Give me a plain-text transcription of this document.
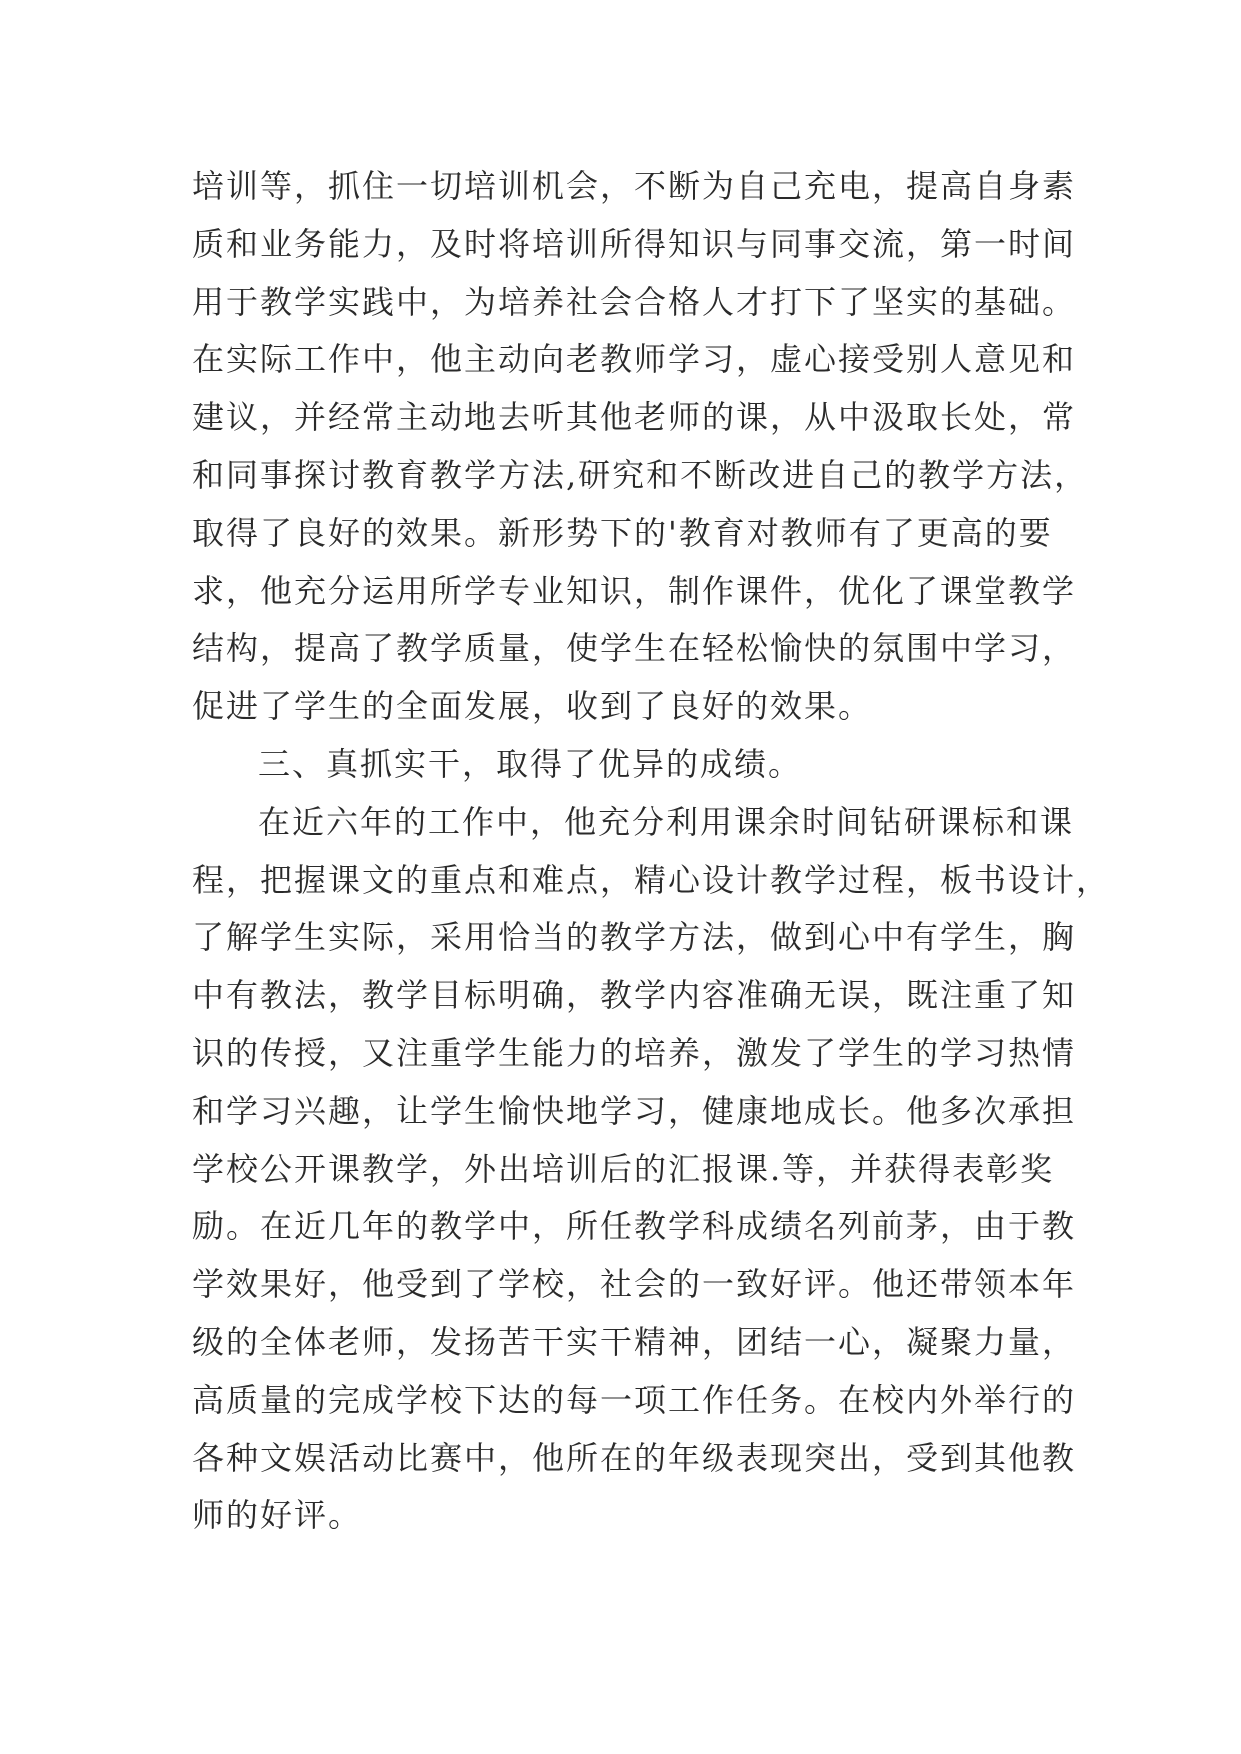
培训等，抓住一切培训机会，不断为自己充电，提高自身素
质和业务能力，及时将培训所得知识与同事交流，第一时间
用于教学实践中，为培养社会合格人才打下了坚实的基础。
在实际工作中，他主动向老教师学习，虚心接受别人意见和
建议，并经常主动地去听其他老师的课，从中汲取长处，常
和同事探讨教育教学方法,研究和不断改进自己的教学方法，
取得了良好的效果。新形势下的'教育对教师有了更高的要
求，他充分运用所学专业知识，制作课件，优化了课堂教学
结构，提高了教学质量，使学生在轻松愉快的氛围中学习，
促进了学生的全面发展，收到了良好的效果。
三、真抓实干，取得了优异的成绩。
在近六年的工作中，他充分利用课余时间钻研课标和课
程，把握课文的重点和难点，精心设计教学过程，板书设计，
了解学生实际，采用恰当的教学方法，做到心中有学生，胸
中有教法，教学目标明确，教学内容准确无误，既注重了知
识的传授，又注重学生能力的培养，激发了学生的学习热情
和学习兴趣，让学生愉快地学习，健康地成长。他多次承担
学校公开课教学，外出培训后的汇报课.等，并获得表彰奖
励。在近几年的教学中，所任教学科成绩名列前茅，由于教
学效果好，他受到了学校，社会的一致好评。他还带领本年
级的全体老师，发扬苦干实干精神，团结一心，凝聚力量，
高质量的完成学校下达的每一项工作任务。在校内外举行的
各种文娱活动比赛中，他所在的年级表现突出，受到其他教
师的好评。
